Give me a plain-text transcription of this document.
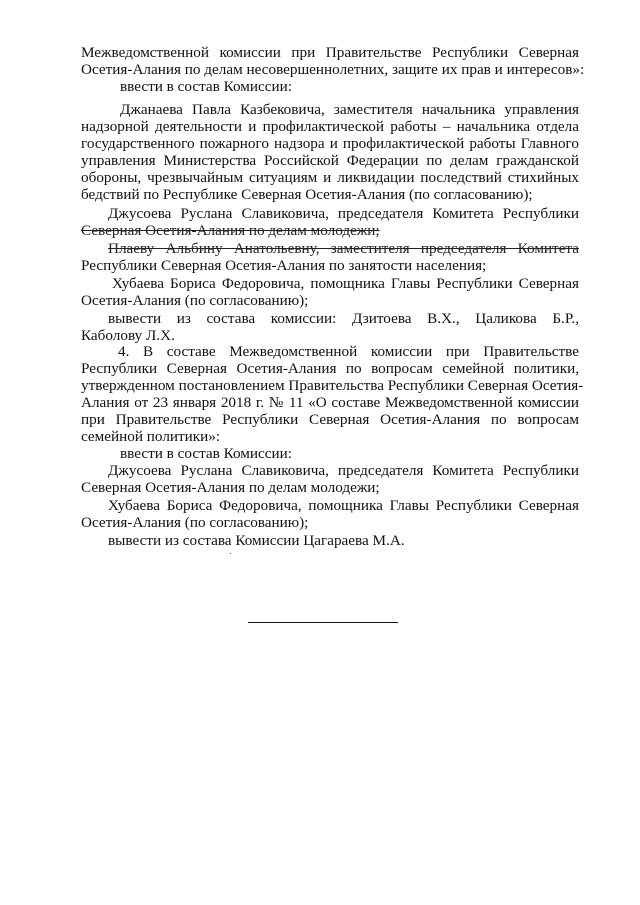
Межведомственной комиссии при Правительстве Республики Северная
Осетия-Алания по делам несовершеннолетних, защите их прав и интересов»:
ввести в состав Комиссии:
Джанаева Павла Казбековича, заместителя начальника управления
надзорной деятельности и профилактической работы – начальника отдела
государственного пожарного надзора и профилактической работы Главного
управления Министерства Российской Федерации по делам гражданской
обороны, чрезвычайным ситуациям и ликвидации последствий стихийных
бедствий по Республике Северная Осетия-Алания (по согласованию);
Джусоева Руслана Славиковича, председателя Комитета Республики
Северная Осетия-Алания по делам молодежи;
Плаеву Альбину Анатольевну, заместителя председателя Комитета
Республики Северная Осетия-Алания по занятости населения;
Хубаева Бориса Федоровича, помощника Главы Республики Северная
Осетия-Алания (по согласованию);
вывести из состава комиссии: Дзитоева В.Х., Цаликова Б.Р.,
Каболову Л.Х.
4. В составе Межведомственной комиссии при Правительстве
Республики Северная Осетия-Алания по вопросам семейной политики,
утвержденном постановлением Правительства Республики Северная Осетия-
Алания от 23 января 2018 г. № 11 «О составе Межведомственной комиссии
при Правительстве Республики Северная Осетия-Алания по вопросам
семейной политики»:
ввести в состав Комиссии:
Джусоева Руслана Славиковича, председателя Комитета Республики
Северная Осетия-Алания по делам молодежи;
Хубаева Бориса Федоровича, помощника Главы Республики Северная
Осетия-Алания (по согласованию);
вывести из состава Комиссии Цагараева М.А.
